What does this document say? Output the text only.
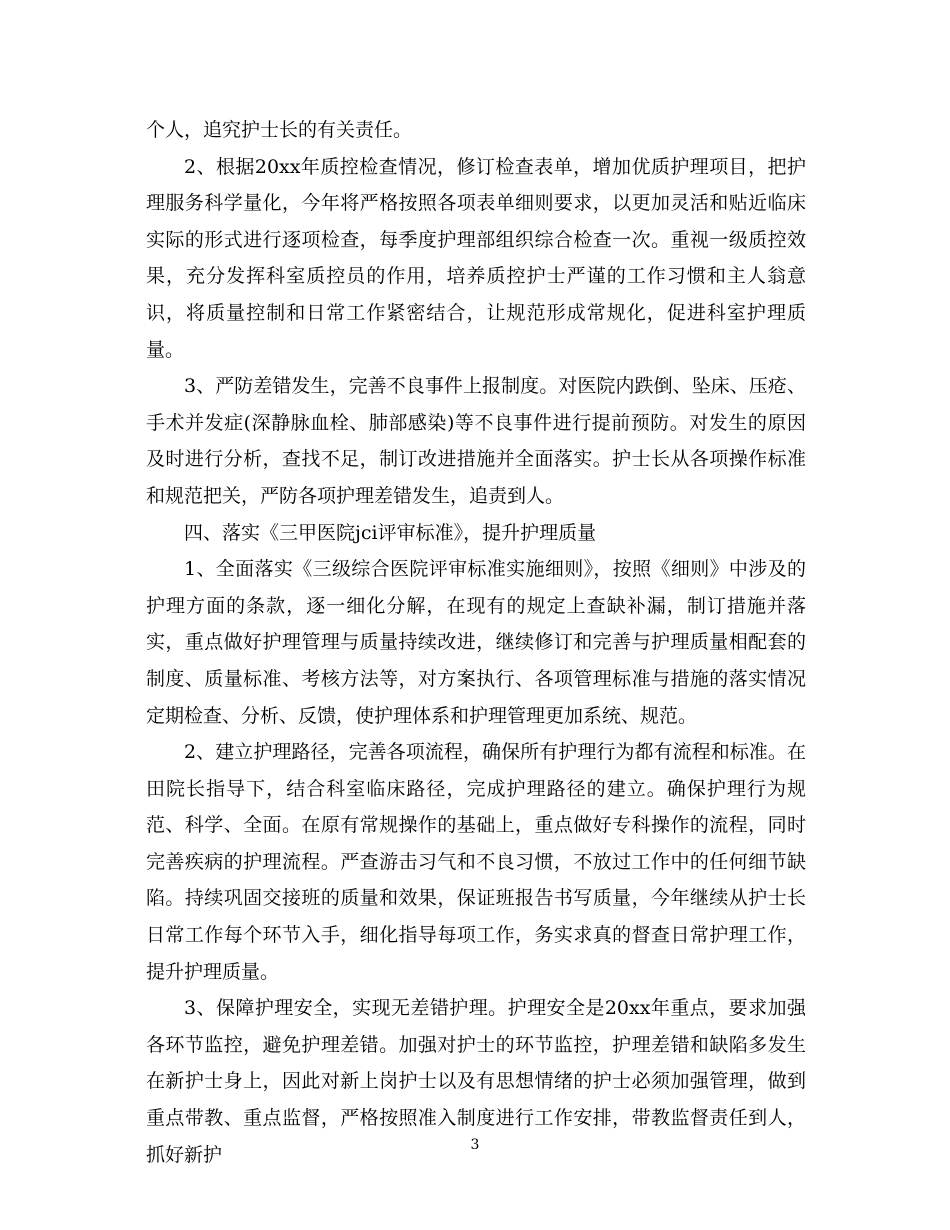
个人，追究护士长的有关责任。

2、根据20xx年质控检查情况，修订检查表单，增加优质护理项目，把护理服务科学量化，今年将严格按照各项表单细则要求，以更加灵活和贴近临床实际的形式进行逐项检查，每季度护理部组织综合检查一次。重视一级质控效果，充分发挥科室质控员的作用，培养质控护士严谨的工作习惯和主人翁意识，将质量控制和日常工作紧密结合，让规范形成常规化，促进科室护理质量。

3、严防差错发生，完善不良事件上报制度。对医院内跌倒、坠床、压疮、手术并发症(深静脉血栓、肺部感染)等不良事件进行提前预防。对发生的原因及时进行分析，查找不足，制订改进措施并全面落实。护士长从各项操作标准和规范把关，严防各项护理差错发生，追责到人。

四、落实《三甲医院jci评审标准》，提升护理质量

1、全面落实《三级综合医院评审标准实施细则》，按照《细则》中涉及的护理方面的条款，逐一细化分解，在现有的规定上查缺补漏，制订措施并落实，重点做好护理管理与质量持续改进，继续修订和完善与护理质量相配套的制度、质量标准、考核方法等，对方案执行、各项管理标准与措施的落实情况定期检查、分析、反馈，使护理体系和护理管理更加系统、规范。

2、建立护理路径，完善各项流程，确保所有护理行为都有流程和标准。在田院长指导下，结合科室临床路径，完成护理路径的建立。确保护理行为规范、科学、全面。在原有常规操作的基础上，重点做好专科操作的流程，同时完善疾病的护理流程。严查游击习气和不良习惯，不放过工作中的任何细节缺陷。持续巩固交接班的质量和效果，保证班报告书写质量，今年继续从护士长日常工作每个环节入手，细化指导每项工作，务实求真的督查日常护理工作，提升护理质量。

3、保障护理安全，实现无差错护理。护理安全是20xx年重点，要求加强各环节监控，避免护理差错。加强对护士的环节监控，护理差错和缺陷多发生在新护士身上，因此对新上岗护士以及有思想情绪的护士必须加强管理，做到重点带教、重点监督，严格按照准入制度进行工作安排，带教监督责任到人，抓好新护	3
